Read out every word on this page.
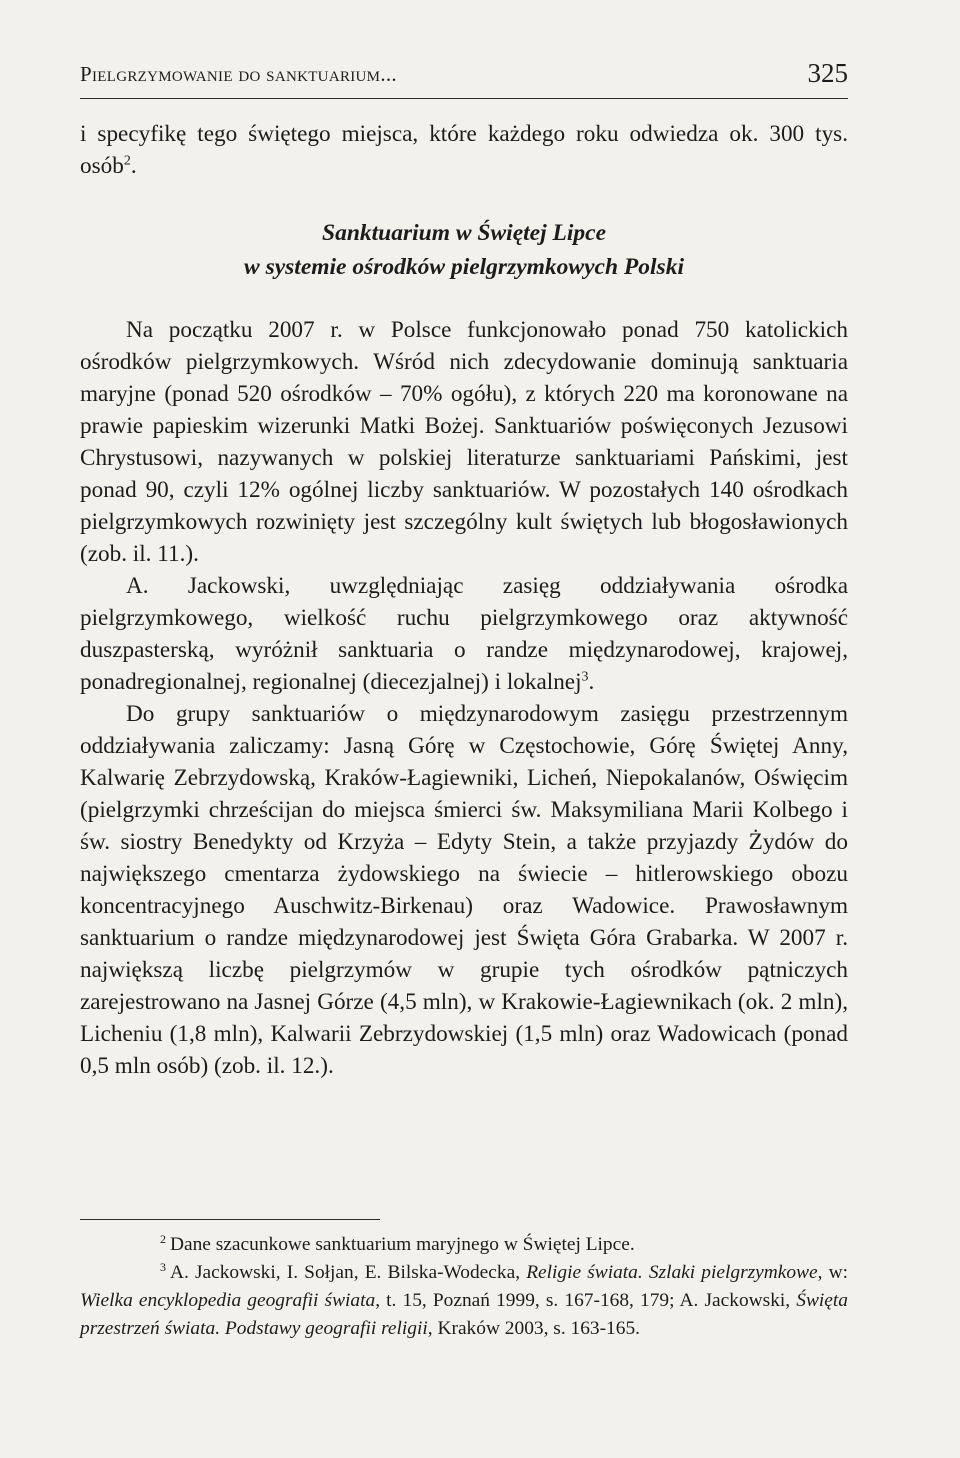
Pielgrzymowanie do sanktuarium...	325

i specyfikę tego świętego miejsca, które każdego roku odwiedza ok. 300 tys. osób$^2$.

Sanktuarium w Świętej Lipce
w systemie ośrodków pielgrzymkowych Polski

Na początku 2007 r. w Polsce funkcjonowało ponad 750 katolickich ośrodków pielgrzymkowych. Wśród nich zdecydowanie dominują sanktuaria maryjne (ponad 520 ośrodków – 70% ogółu), z których 220 ma koronowane na prawie papieskim wizerunki Matki Bożej. Sanktuariów poświęconych Jezusowi Chrystusowi, nazywanych w polskiej literaturze sanktuariami Pańskimi, jest ponad 90, czyli 12% ogólnej liczby sanktuariów. W pozostałych 140 ośrodkach pielgrzymkowych rozwinięty jest szczególny kult świętych lub błogosławionych (zob. il. 11.).

A. Jackowski, uwzględniając zasięg oddziaływania ośrodka pielgrzymkowego, wielkość ruchu pielgrzymkowego oraz aktywność duszpasterską, wyróżnił sanktuaria o randze międzynarodowej, krajowej, ponadregionalnej, regionalnej (diecezjalnej) i lokalnej$^3$.

Do grupy sanktuariów o międzynarodowym zasięgu przestrzennym oddziaływania zaliczamy: Jasną Górę w Częstochowie, Górę Świętej Anny, Kalwarię Zebrzydowską, Kraków-Łagiewniki, Licheń, Niepokalanów, Oświęcim (pielgrzymki chrześcijan do miejsca śmierci św. Maksymiliana Marii Kolbego i św. siostry Benedykty od Krzyża – Edyty Stein, a także przyjazdy Żydów do największego cmentarza żydowskiego na świecie – hitlerowskiego obozu koncentracyjnego Auschwitz-Birkenau) oraz Wadowice. Prawosławnym sanktuarium o randze międzynarodowej jest Święta Góra Grabarka. W 2007 r. największą liczbę pielgrzymów w grupie tych ośrodków pątniczych zarejestrowano na Jasnej Górze (4,5 mln), w Krakowie-Łagiewnikach (ok. 2 mln), Licheniu (1,8 mln), Kalwarii Zebrzydowskiej (1,5 mln) oraz Wadowicach (ponad 0,5 mln osób) (zob. il. 12.).

$^2$ Dane szacunkowe sanktuarium maryjnego w Świętej Lipce.

$^3$ A. Jackowski, I. Sołjan, E. Bilska-Wodecka, Religie świata. Szlaki pielgrzymkowe, w: Wielka encyklopedia geografii świata, t. 15, Poznań 1999, s. 167-168, 179; A. Jackowski, Święta przestrzeń świata. Podstawy geografii religii, Kraków 2003, s. 163-165.
